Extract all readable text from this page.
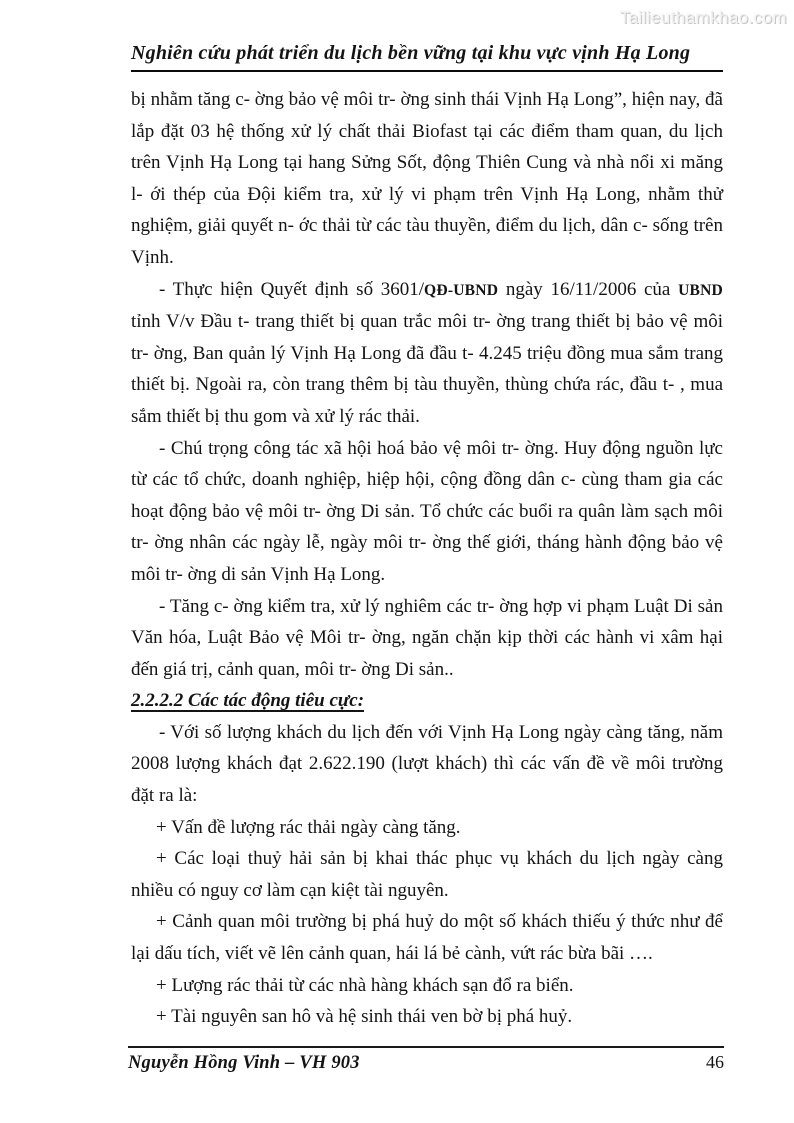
Tailieuthamkhao.com
Nghiên cứu phát triển du lịch bền vững tại khu vực vịnh Hạ Long

bị nhằm tăng c- ờng bảo vệ môi tr- ờng sinh thái Vịnh Hạ Long”, hiện nay, đã lắp đặt 03 hệ thống xử lý chất thải Biofast tại các điểm tham quan, du lịch trên Vịnh Hạ Long tại hang Sửng Sốt, động Thiên Cung và nhà nổi xi măng l- ới thép của Đội kiểm tra, xử lý vi phạm trên Vịnh Hạ Long, nhằm thử nghiệm, giải quyết n- ớc thải từ các tàu thuyền, điểm du lịch, dân c- sống trên Vịnh.

- Thực hiện Quyết định số 3601/QĐ-UBND ngày 16/11/2006 của UBND tỉnh V/v Đầu t- trang thiết bị quan trắc môi tr- ờng trang thiết bị bảo vệ môi tr- ờng, Ban quản lý Vịnh Hạ Long đã đầu t- 4.245 triệu đồng mua sắm trang thiết bị. Ngoài ra, còn trang thêm bị tàu thuyền, thùng chứa rác, đầu t- , mua sắm thiết bị thu gom và xử lý rác thải.

- Chú trọng công tác xã hội hoá bảo vệ môi tr- ờng. Huy động nguồn lực từ các tổ chức, doanh nghiệp, hiệp hội, cộng đồng dân c- cùng tham gia các hoạt động bảo vệ môi tr- ờng Di sản. Tổ chức các buổi ra quân làm sạch môi tr- ờng nhân các ngày lễ, ngày môi tr- ờng thế giới, tháng hành động bảo vệ môi tr- ờng di sản Vịnh Hạ Long.

- Tăng c- ờng kiểm tra, xử lý nghiêm các tr- ờng hợp vi phạm Luật Di sản Văn hóa, Luật Bảo vệ Môi tr- ờng, ngăn chặn kịp thời các hành vi xâm hại đến giá trị, cảnh quan, môi tr- ờng Di sản..

2.2.2.2 Các tác động tiêu cực:

- Với số lượng khách du lịch đến với Vịnh Hạ Long ngày càng tăng, năm 2008 lượng khách đạt 2.622.190 (lượt khách) thì các vấn đề về môi trường đặt ra là:

+ Vấn đề lượng rác thải ngày càng tăng.

+ Các loại thuỷ hải sản bị khai thác phục vụ khách du lịch ngày càng nhiều có nguy cơ làm cạn kiệt tài nguyên.

+ Cảnh quan môi trường bị phá huỷ do một số khách thiếu ý thức như để lại dấu tích, viết vẽ lên cảnh quan, hái lá bẻ cành, vứt rác bừa bãi ….

+ Lượng rác thải từ các nhà hàng khách sạn đổ ra biển.

+ Tài nguyên san hô và hệ sinh thái ven bờ bị phá huỷ.

Nguyễn Hồng Vinh – VH 903	46
